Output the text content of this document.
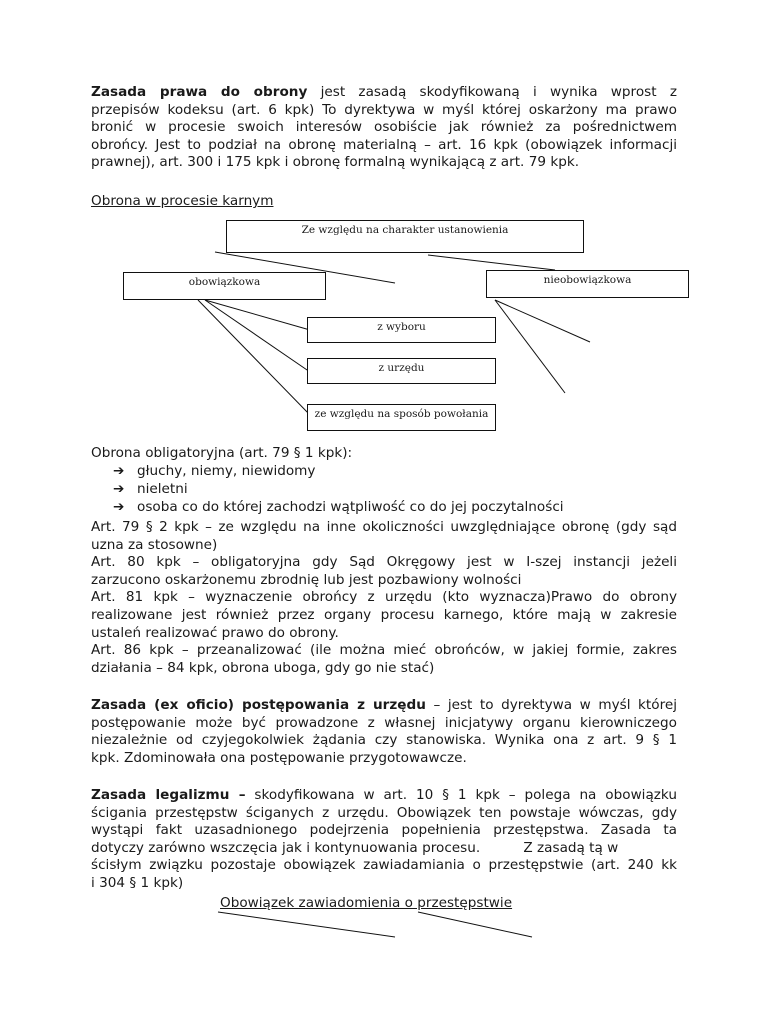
Zasada prawa do obrony jest zasadą skodyfikowaną i wynika wprost z
przepisów kodeksu (art. 6 kpk) To dyrektywa w myśl której oskarżony ma prawo
bronić w procesie swoich interesów osobiście jak również za pośrednictwem
obrońcy. Jest to podział na obronę materialną – art. 16 kpk (obowiązek informacji
prawnej), art. 300 i 175 kpk i obronę formalną wynikającą z art. 79 kpk.
Obrona w procesie karnym
Ze względu na charakter ustanowienia
obowiązkowa	nieobowiązkowa
z wyboru
z urzędu
ze względu na sposób powołania
Obrona obligatoryjna (art. 79 § 1 kpk):
➔ głuchy, niemy, niewidomy
➔ nieletni
➔ osoba co do której zachodzi wątpliwość co do jej poczytalności
Art. 79 § 2 kpk – ze względu na inne okoliczności uwzględniające obronę (gdy sąd
uzna za stosowne)
Art. 80 kpk – obligatoryjna gdy Sąd Okręgowy jest w I-szej instancji jeżeli
zarzucono oskarżonemu zbrodnię lub jest pozbawiony wolności
Art. 81 kpk – wyznaczenie obrońcy z urzędu (kto wyznacza)Prawo do obrony
realizowane jest również przez organy procesu karnego, które mają w zakresie
ustaleń realizować prawo do obrony.
Art. 86 kpk – przeanalizować (ile można mieć obrońców, w jakiej formie, zakres
działania – 84 kpk, obrona uboga, gdy go nie stać)
Zasada (ex oficio) postępowania z urzędu – jest to dyrektywa w myśl której
postępowanie może być prowadzone z własnej inicjatywy organu kierowniczego
niezależnie od czyjegokolwiek żądania czy stanowiska. Wynika ona z art. 9 § 1
kpk. Zdominowała ona postępowanie przygotowawcze.
Zasada legalizmu – skodyfikowana w art. 10 § 1 kpk – polega na obowiązku
ścigania przestępstw ściganych z urzędu. Obowiązek ten powstaje wówczas, gdy
wystąpi fakt uzasadnionego podejrzenia popełnienia przestępstwa. Zasada ta
dotyczy zarówno wszczęcia jak i kontynuowania procesu.          Z zasadą tą w
ścisłym związku pozostaje obowiązek zawiadamiania o przestępstwie (art. 240 kk
i 304 § 1 kpk)
Obowiązek zawiadomienia o przestępstwie
